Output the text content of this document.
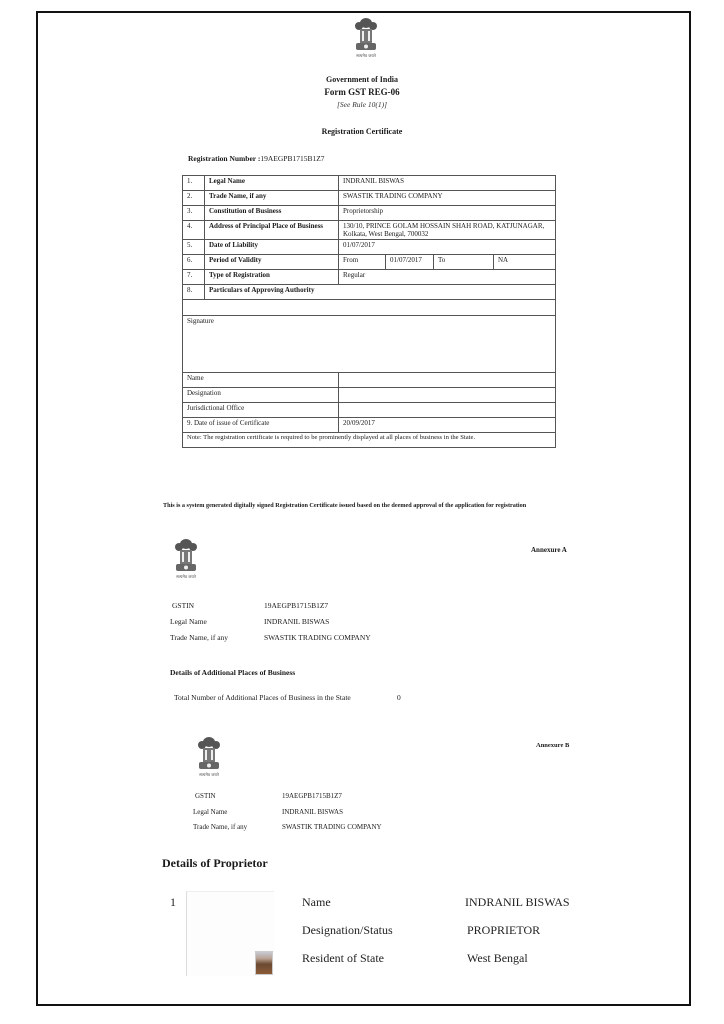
सत्यमेव जयते
Government of India
Form GST REG-06
[See Rule 10(1)]
Registration Certificate
Registration Number :19AEGPB1715B1Z7
1.	Legal Name	INDRANIL BISWAS			
2.	Trade Name, if any	SWASTIK TRADING COMPANY			
3.	Constitution of Business	Proprietorship			
4.	Address of Principal Place of Business	130/10, PRINCE GOLAM HOSSAIN SHAH ROAD, KATJUNAGAR, Kolkata, West Bengal, 700032			
5.	Date of Liability	01/07/2017			
6.	Period of Validity	From	01/07/2017	To	NA
7.	Type of Registration	Regular			
8.	Particulars of Approving Authority				

Signature					
Name					
Designation					
Jurisdictional Office					
9. Date of issue of Certificate		20/09/2017			
Note: The registration certificate is required to be prominently displayed at all places of business in the State.					
This is a system generated digitally signed Registration Certificate issued based on the deemed approval of the application for registration
सत्यमेव जयते
Annexure A
GSTIN	19AEGPB1715B1Z7
Legal Name	INDRANIL BISWAS
Trade Name, if any	SWASTIK TRADING COMPANY
Details of Additional Places of Business
Total Number of Additional Places of Business in the State	0
सत्यमेव जयते
Annexure B
GSTIN	19AEGPB1715B1Z7
Legal Name	INDRANIL BISWAS
Trade Name, if any	SWASTIK TRADING COMPANY
Details of Proprietor
1	Name	INDRANIL BISWAS
Designation/Status	PROPRIETOR
Resident of State	West Bengal
